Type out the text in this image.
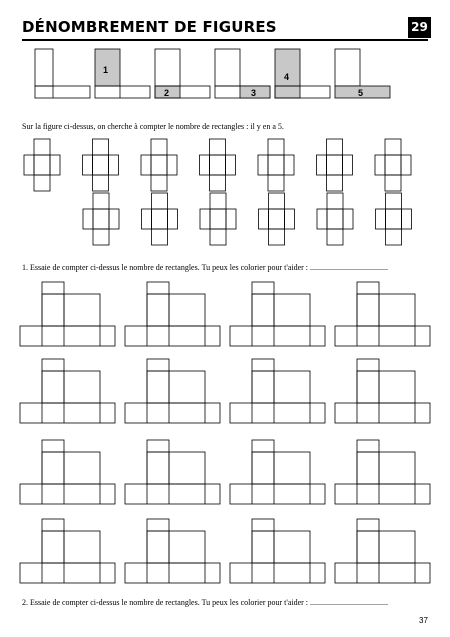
DÉNOMBREMENT DE FIGURES	29
1
2	3
4
5
Sur la figure ci-dessus, on cherche à compter le nombre de rectangles : il y en a 5.
1. Essaie de compter ci-dessus le nombre de rectangles. Tu peux les colorier pour t'aider : .......................................
2. Essaie de compter ci-dessus le nombre de rectangles. Tu peux les colorier pour t'aider : .......................................
37
